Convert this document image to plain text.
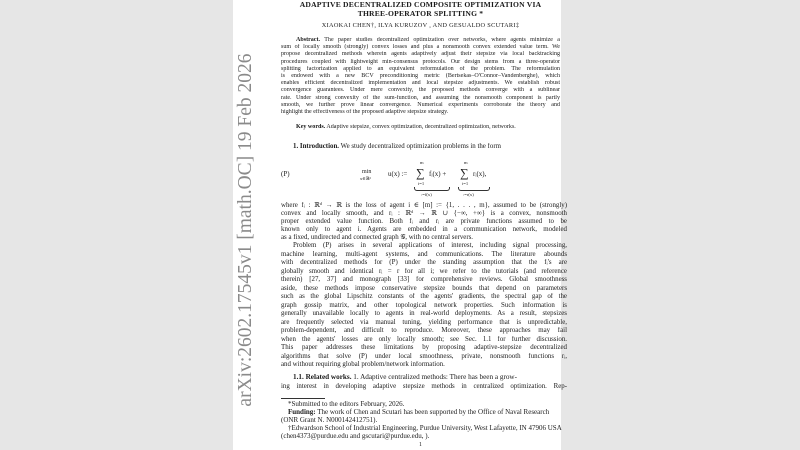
arXiv:2602.17545v1 [math.OC] 19 Feb 2026
ADAPTIVE DECENTRALIZED COMPOSITE OPTIMIZATION VIA
THREE-OPERATOR SPLITTING *
XIAOKAI CHEN†, ILYA KURUZOV , AND GESUALDO SCUTARI‡
Abstract. The paper studies decentralized optimization over networks, where agents minimize a
sum of locally smooth (strongly) convex losses and plus a nonsmooth convex extended value term. We
propose decentralized methods wherein agents adaptively adjust their stepsize via local backtracking
procedures coupled with lightweight min-consensus protocols. Our design stems from a three-operator
splitting factorization applied to an equivalent reformulation of the problem. The reformulation
is endowed with a new BCV preconditioning metric (Bertsekas–O'Connor–Vandenberghe), which
enables efficient decentralized implementation and local stepsize adjustments. We establish robust
convergence guarantees. Under mere convexity, the proposed methods converge with a sublinear
rate. Under strong convexity of the sum-function, and assuming the nonsmooth component is partly
smooth, we further prove linear convergence. Numerical experiments corroborate the theory and
highlight the effectiveness of the proposed adaptive stepsize strategy.
Key words. Adaptive stepsize, convex optimization, decentralized optimization, networks.
1. Introduction. We study decentralized optimization problems in the form
(P)	min
x∈ℝᵈ
u(x) :=
m
∑
i=1
fᵢ(x) +
m
∑
i=1
rᵢ(x),
:=f(x)	:=r(x)
where fᵢ : ℝᵈ → ℝ is the loss of agent i ∈ [m] := {1, . . . , m}, assumed to be (strongly)
convex and locally smooth, and rᵢ : ℝᵈ → ℝ ∪ {−∞, +∞} is a convex, nonsmooth
proper extended value function. Both fᵢ and rᵢ are private functions assumed to be
known only to agent i. Agents are embedded in a communication network, modeled
as a fixed, undirected and connected graph 𝒢, with no central servers.
Problem (P) arises in several applications of interest, including signal processing,
machine learning, multi-agent systems, and communications. The literature abounds
with decentralized methods for (P) under the standing assumption that the fᵢ's are
globally smooth and identical rᵢ = r for all i; we refer to the tutorials (and reference
therein) [27, 37] and monograph [33] for comprehensive reviews. Global smoothness
aside, these methods impose conservative stepsize bounds that depend on parameters
such as the global Lipschitz constants of the agents' gradients, the spectral gap of the
graph gossip matrix, and other topological network properties. Such information is
generally unavailable locally to agents in real-world deployments. As a result, stepsizes
are frequently selected via manual tuning, yielding performance that is unpredictable,
problem-dependent, and difficult to reproduce. Moreover, these approaches may fail
when the agents' losses are only locally smooth; see Sec. 1.1 for further discussion.
This paper addresses these limitations by proposing adaptive-stepsize decentralized
algorithms that solve (P) under local smoothness, private, nonsmooth functions rᵢ,
and without requiring global problem/network information.
1.1. Related works. 1. Adaptive centralized methods: There has been a grow-
ing interest in developing adaptive stepsize methods in centralized optimization. Rep-
*Submitted to the editors February, 2026.
Funding: The work of Chen and Scutari has been supported by the Office of Naval Research
(ONR Grant N. N000142412751).
†Edwardson School of Industrial Engineering, Purdue University, West Lafayette, IN 47906 USA
(chen4373@purdue.edu and gscutari@purdue.edu, ).
1
